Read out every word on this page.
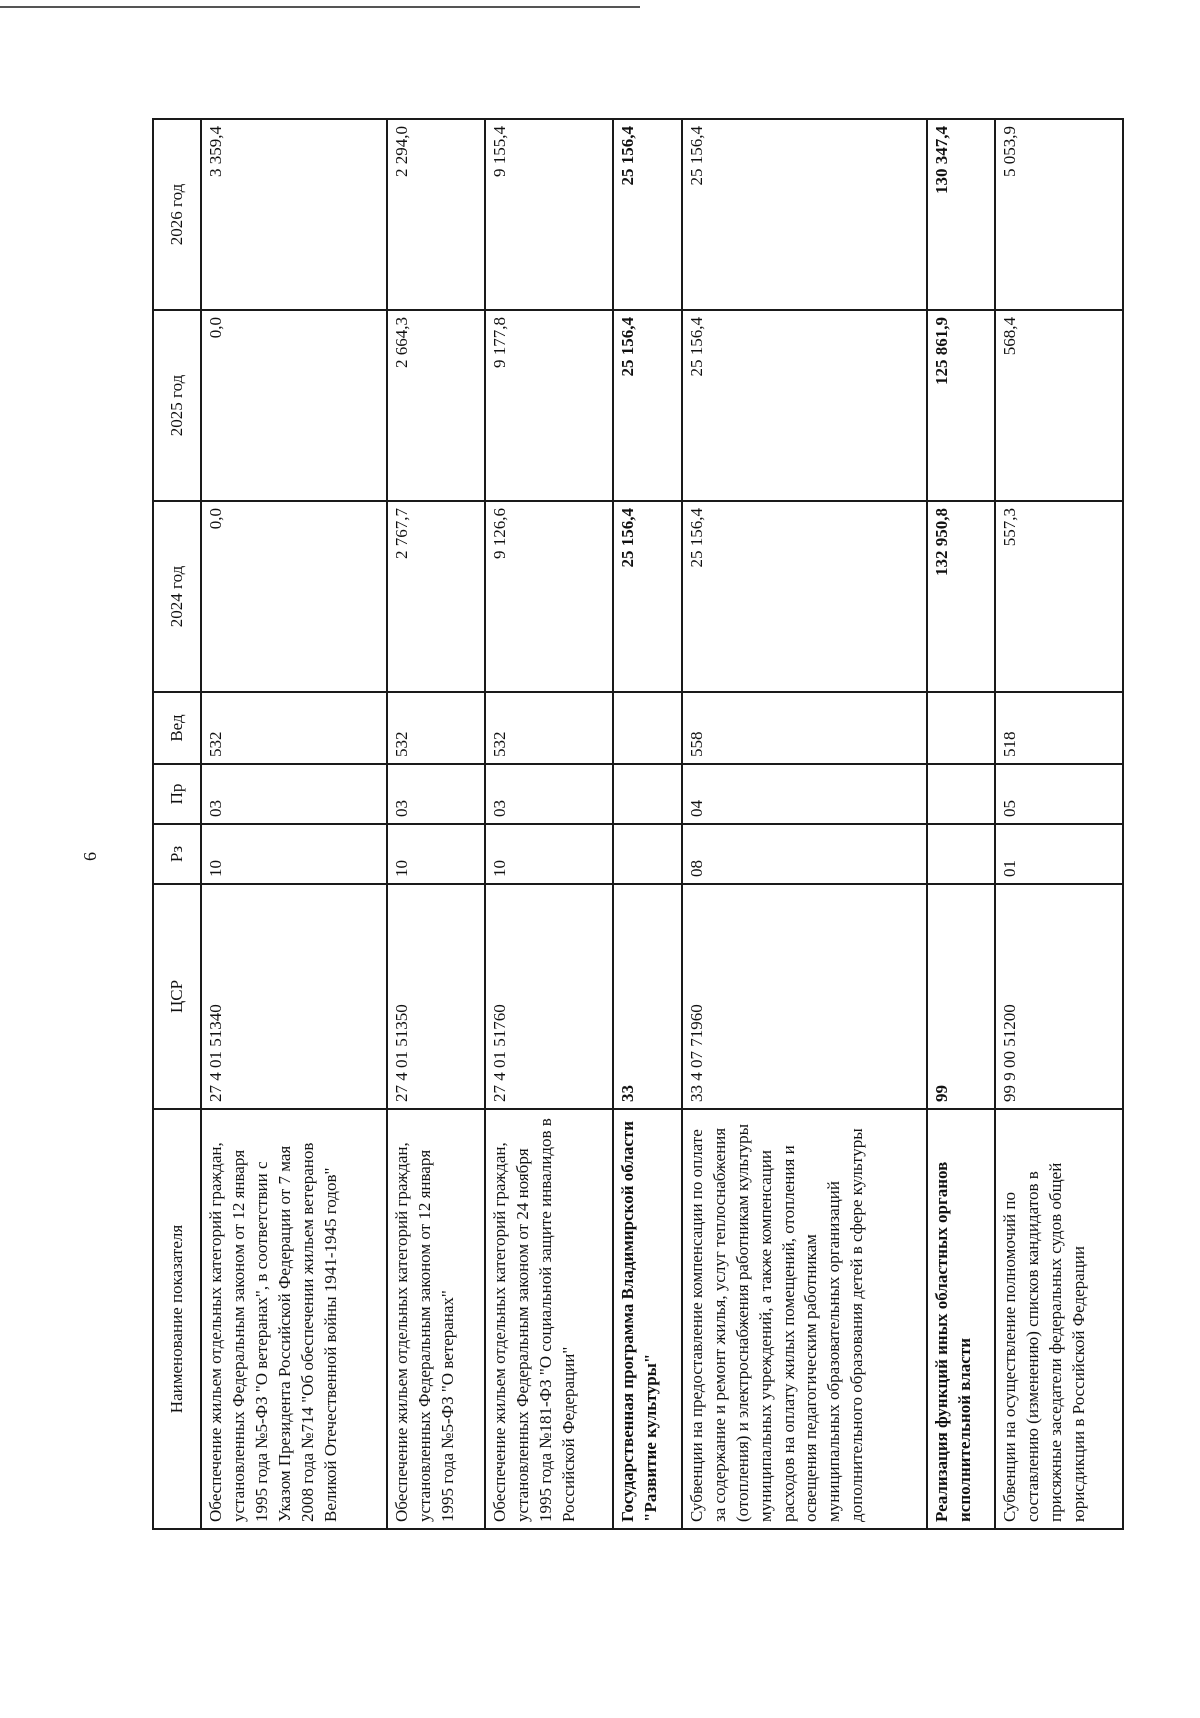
6
Наименование показателя	ЦСР	Рз	Пр	Вед	2024 год	2025 год	2026 год
Обеспечение жильем отдельных категорий граждан, установленных Федеральным законом от 12 января 1995 года №5-ФЗ "О ветеранах", в соответствии с Указом Президента Российской Федерации от 7 мая 2008 года №714 "Об обеспечении жильем ветеранов Великой Отечественной войны 1941-1945 годов"	27 4 01 51340	10	03	532	0,0	0,0	3 359,4
Обеспечение жильем отдельных категорий граждан, установленных Федеральным законом от 12 января 1995 года №5-ФЗ "О ветеранах"	27 4 01 51350	10	03	532	2 767,7	2 664,3	2 294,0
Обеспечение жильем отдельных категорий граждан, установленных Федеральным законом от 24 ноября 1995 года №181-ФЗ "О социальной защите инвалидов в Российской Федерации"	27 4 01 51760	10	03	532	9 126,6	9 177,8	9 155,4
Государственная программа Владимирской области "Развитие культуры"	33				25 156,4	25 156,4	25 156,4
Субвенции на предоставление компенсации по оплате за содержание и ремонт жилья, услуг теплоснабжения (отопления) и электроснабжения работникам культуры муниципальных учреждений, а также компенсации расходов на оплату жилых помещений, отопления и освещения педагогическим работникам муниципальных образовательных организаций дополнительного образования детей в сфере культуры	33 4 07 71960	08	04	558	25 156,4	25 156,4	25 156,4
Реализация функций иных областных органов исполнительной власти	99				132 950,8	125 861,9	130 347,4
Субвенции на осуществление полномочий по составлению (изменению) списков кандидатов в присяжные заседатели федеральных судов общей юрисдикции в Российской Федерации	99 9 00 51200	01	05	518	557,3	568,4	5 053,9
